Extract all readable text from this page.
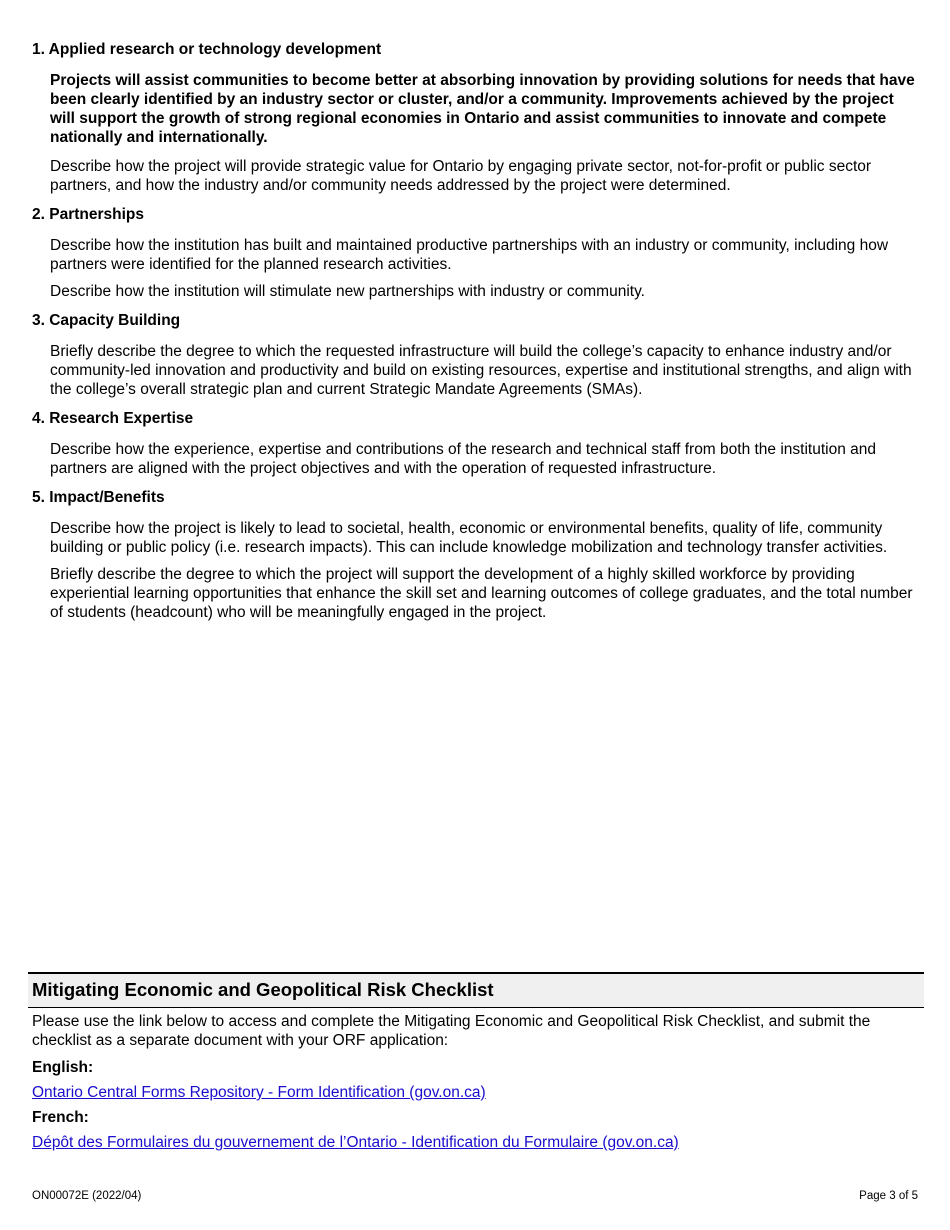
1. Applied research or technology development

Projects will assist communities to become better at absorbing innovation by providing solutions for needs that have been clearly identified by an industry sector or cluster, and/or a community. Improvements achieved by the project will support the growth of strong regional economies in Ontario and assist communities to innovate and compete nationally and internationally.

Describe how the project will provide strategic value for Ontario by engaging private sector, not-for-profit or public sector partners, and how the industry and/or community needs addressed by the project were determined.

2. Partnerships

Describe how the institution has built and maintained productive partnerships with an industry or community, including how partners were identified for the planned research activities.

Describe how the institution will stimulate new partnerships with industry or community.

3. Capacity Building

Briefly describe the degree to which the requested infrastructure will build the college’s capacity to enhance industry and/or community-led innovation and productivity and build on existing resources, expertise and institutional strengths, and align with the college’s overall strategic plan and current Strategic Mandate Agreements (SMAs).

4. Research Expertise

Describe how the experience, expertise and contributions of the research and technical staff from both the institution and partners are aligned with the project objectives and with the operation of requested infrastructure.

5. Impact/Benefits

Describe how the project is likely to lead to societal, health, economic or environmental benefits, quality of life, community building or public policy (i.e. research impacts). This can include knowledge mobilization and technology transfer activities.

Briefly describe the degree to which the project will support the development of a highly skilled workforce by providing experiential learning opportunities that enhance the skill set and learning outcomes of college graduates, and the total number of students (headcount) who will be meaningfully engaged in the project.

Mitigating Economic and Geopolitical Risk Checklist

Please use the link below to access and complete the Mitigating Economic and Geopolitical Risk Checklist, and submit the checklist as a separate document with your ORF application:

English:
Ontario Central Forms Repository - Form Identification (gov.on.ca)
French:
Dépôt des Formulaires du gouvernement de l’Ontario - Identification du Formulaire (gov.on.ca)
ON00072E (2022/04)	Page 3 of 5
